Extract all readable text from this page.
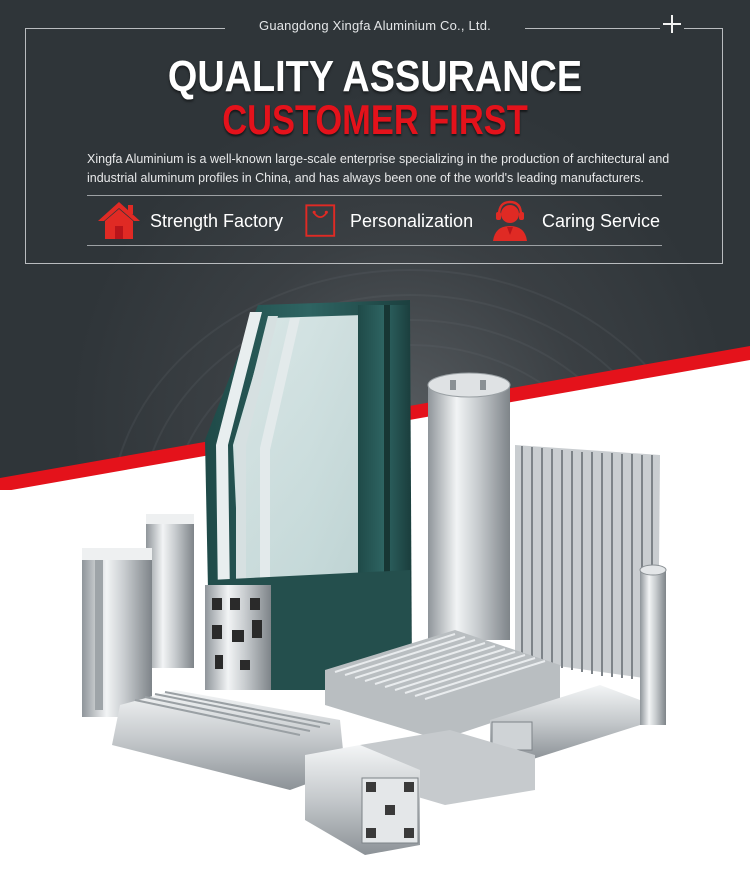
Guangdong Xingfa Aluminium Co., Ltd.
QUALITY ASSURANCE
CUSTOMER FIRST
Xingfa Aluminium is a well-known large-scale enterprise specializing in the production of architectural and industrial aluminum profiles in China, and has always been one of the world's leading manufacturers.
Strength Factory	Personalization	Caring Service
